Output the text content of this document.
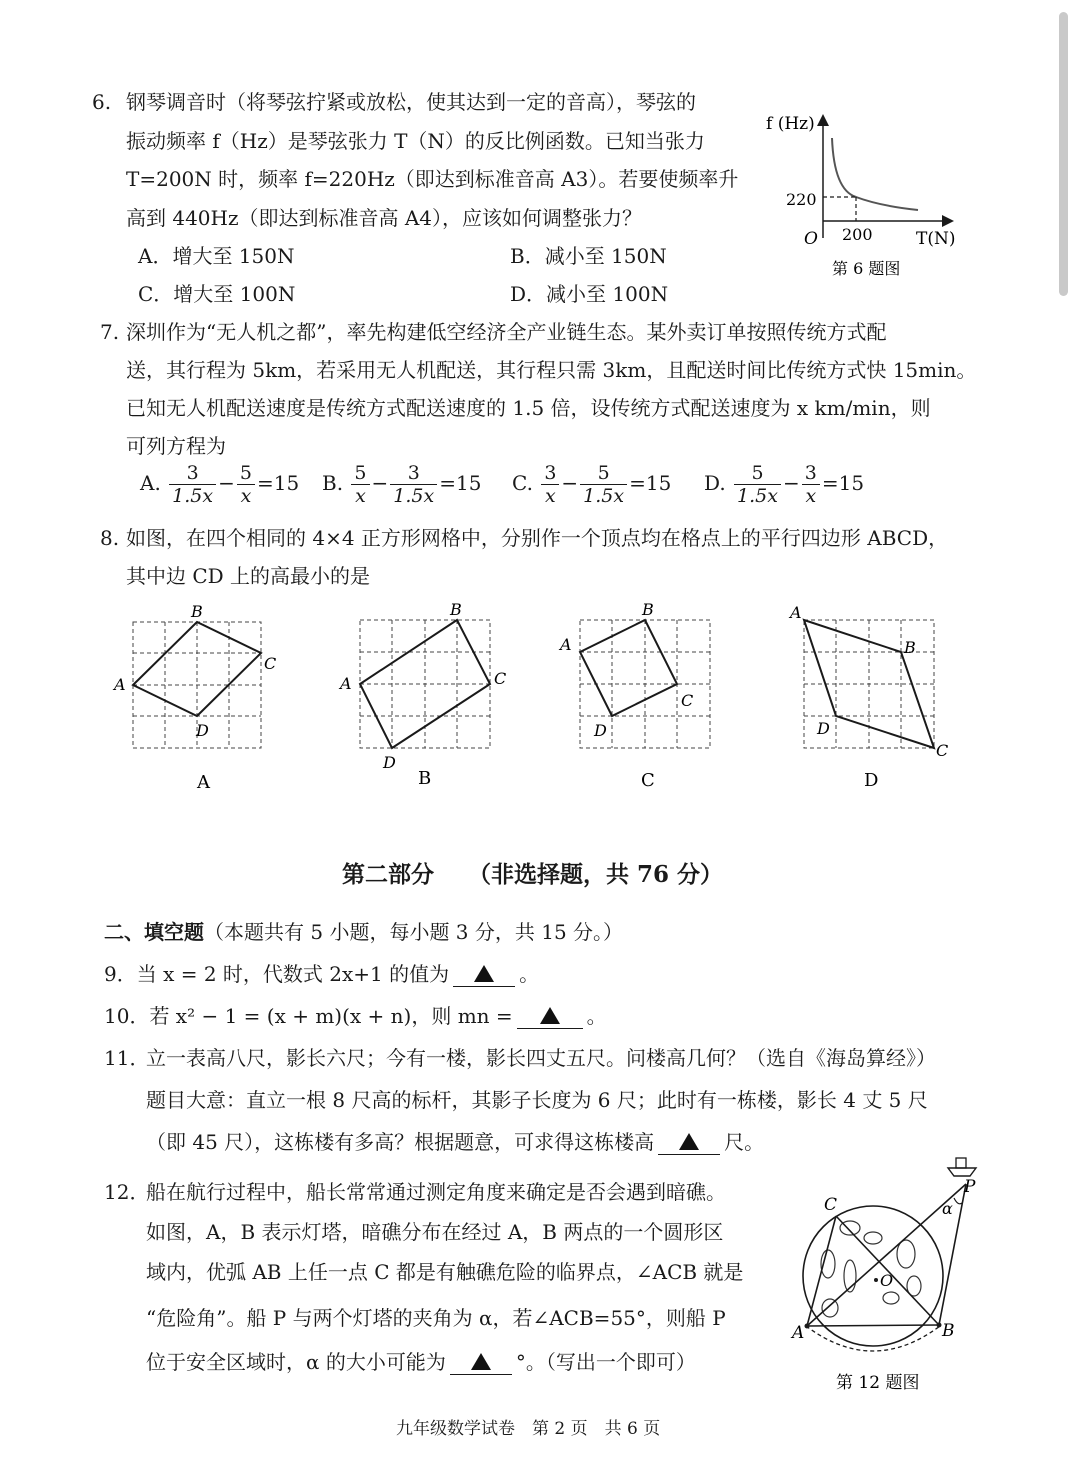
6. 钢琴调音时（将琴弦拧紧或放松，使其达到一定的音高），琴弦的
振动频率 f（Hz）是琴弦张力 T（N）的反比例函数。已知当张力
T=200N 时，频率 f=220Hz（即达到标准音高 A3）。若要使频率升
高到 440Hz（即达到标准音高 A4），应该如何调整张力？
A．增大至 150N	B．减小至 150N
C．增大至 100N	D．减小至 100N
f (Hz)
220
O 200	T(N)
第 6 题图
7. 深圳作为“无人机之都”，率先构建低空经济全产业链生态。某外卖订单按照传统方式配
送，其行程为 5km，若采用无人机配送，其行程只需 3km，且配送时间比传统方式快 15min。
已知无人机配送速度是传统方式配送速度的 1.5 倍，设传统方式配送速度为 x km/min，则
可列方程为
A. $\frac{3}{1.5x} - \frac{5}{x} =15$ B. $\frac{5}{x} - \frac{3}{1.5x} =15$ C. $\frac{3}{x} - \frac{5}{1.5x} =15$ D. $\frac{5}{1.5x} - \frac{3}{x} =15$
8. 如图，在四个相同的 4×4 正方形网格中，分别作一个顶点均在格点上的平行四边形 ABCD，
其中边 CD 上的高最小的是
A
B
C
D
A
A
B
C
D
B
A
B
C
D
C
A
B
C
D
D
第二部分 （非选择题，共 76 分）
二、填空题（本题共有 5 小题，每小题 3 分，共 15 分。）
9．当 x = 2 时，代数式 2x+1 的值为	。
10．若 x² − 1 = (x + m)(x + n)，则 mn =	。
11．
立一表高八尺，影长六尺；今有一楼，影长四丈五尺。问楼高几何？（选自《海岛算经》）
题目大意：直立一根 8 尺高的标杆，其影子长度为 6 尺；此时有一栋楼，影长 4 丈 5 尺
（即 45 尺），这栋楼有多高？根据题意，可求得这栋楼高	尺。
12．
船在航行过程中，船长常常通过测定角度来确定是否会遇到暗礁。
如图，A，B 表示灯塔，暗礁分布在经过 A，B 两点的一个圆形区
域内，优弧 AB 上任一点 C 都是有触礁危险的临界点，∠ACB 就是
“危险角”。船 P 与两个灯塔的夹角为 α，若∠ACB=55°，则船 P
位于安全区域时，α 的大小可能为	°。（写出一个即可）
C
P
α
O
A	B
第 12 题图
九年级数学试卷　第 2 页　共 6 页
